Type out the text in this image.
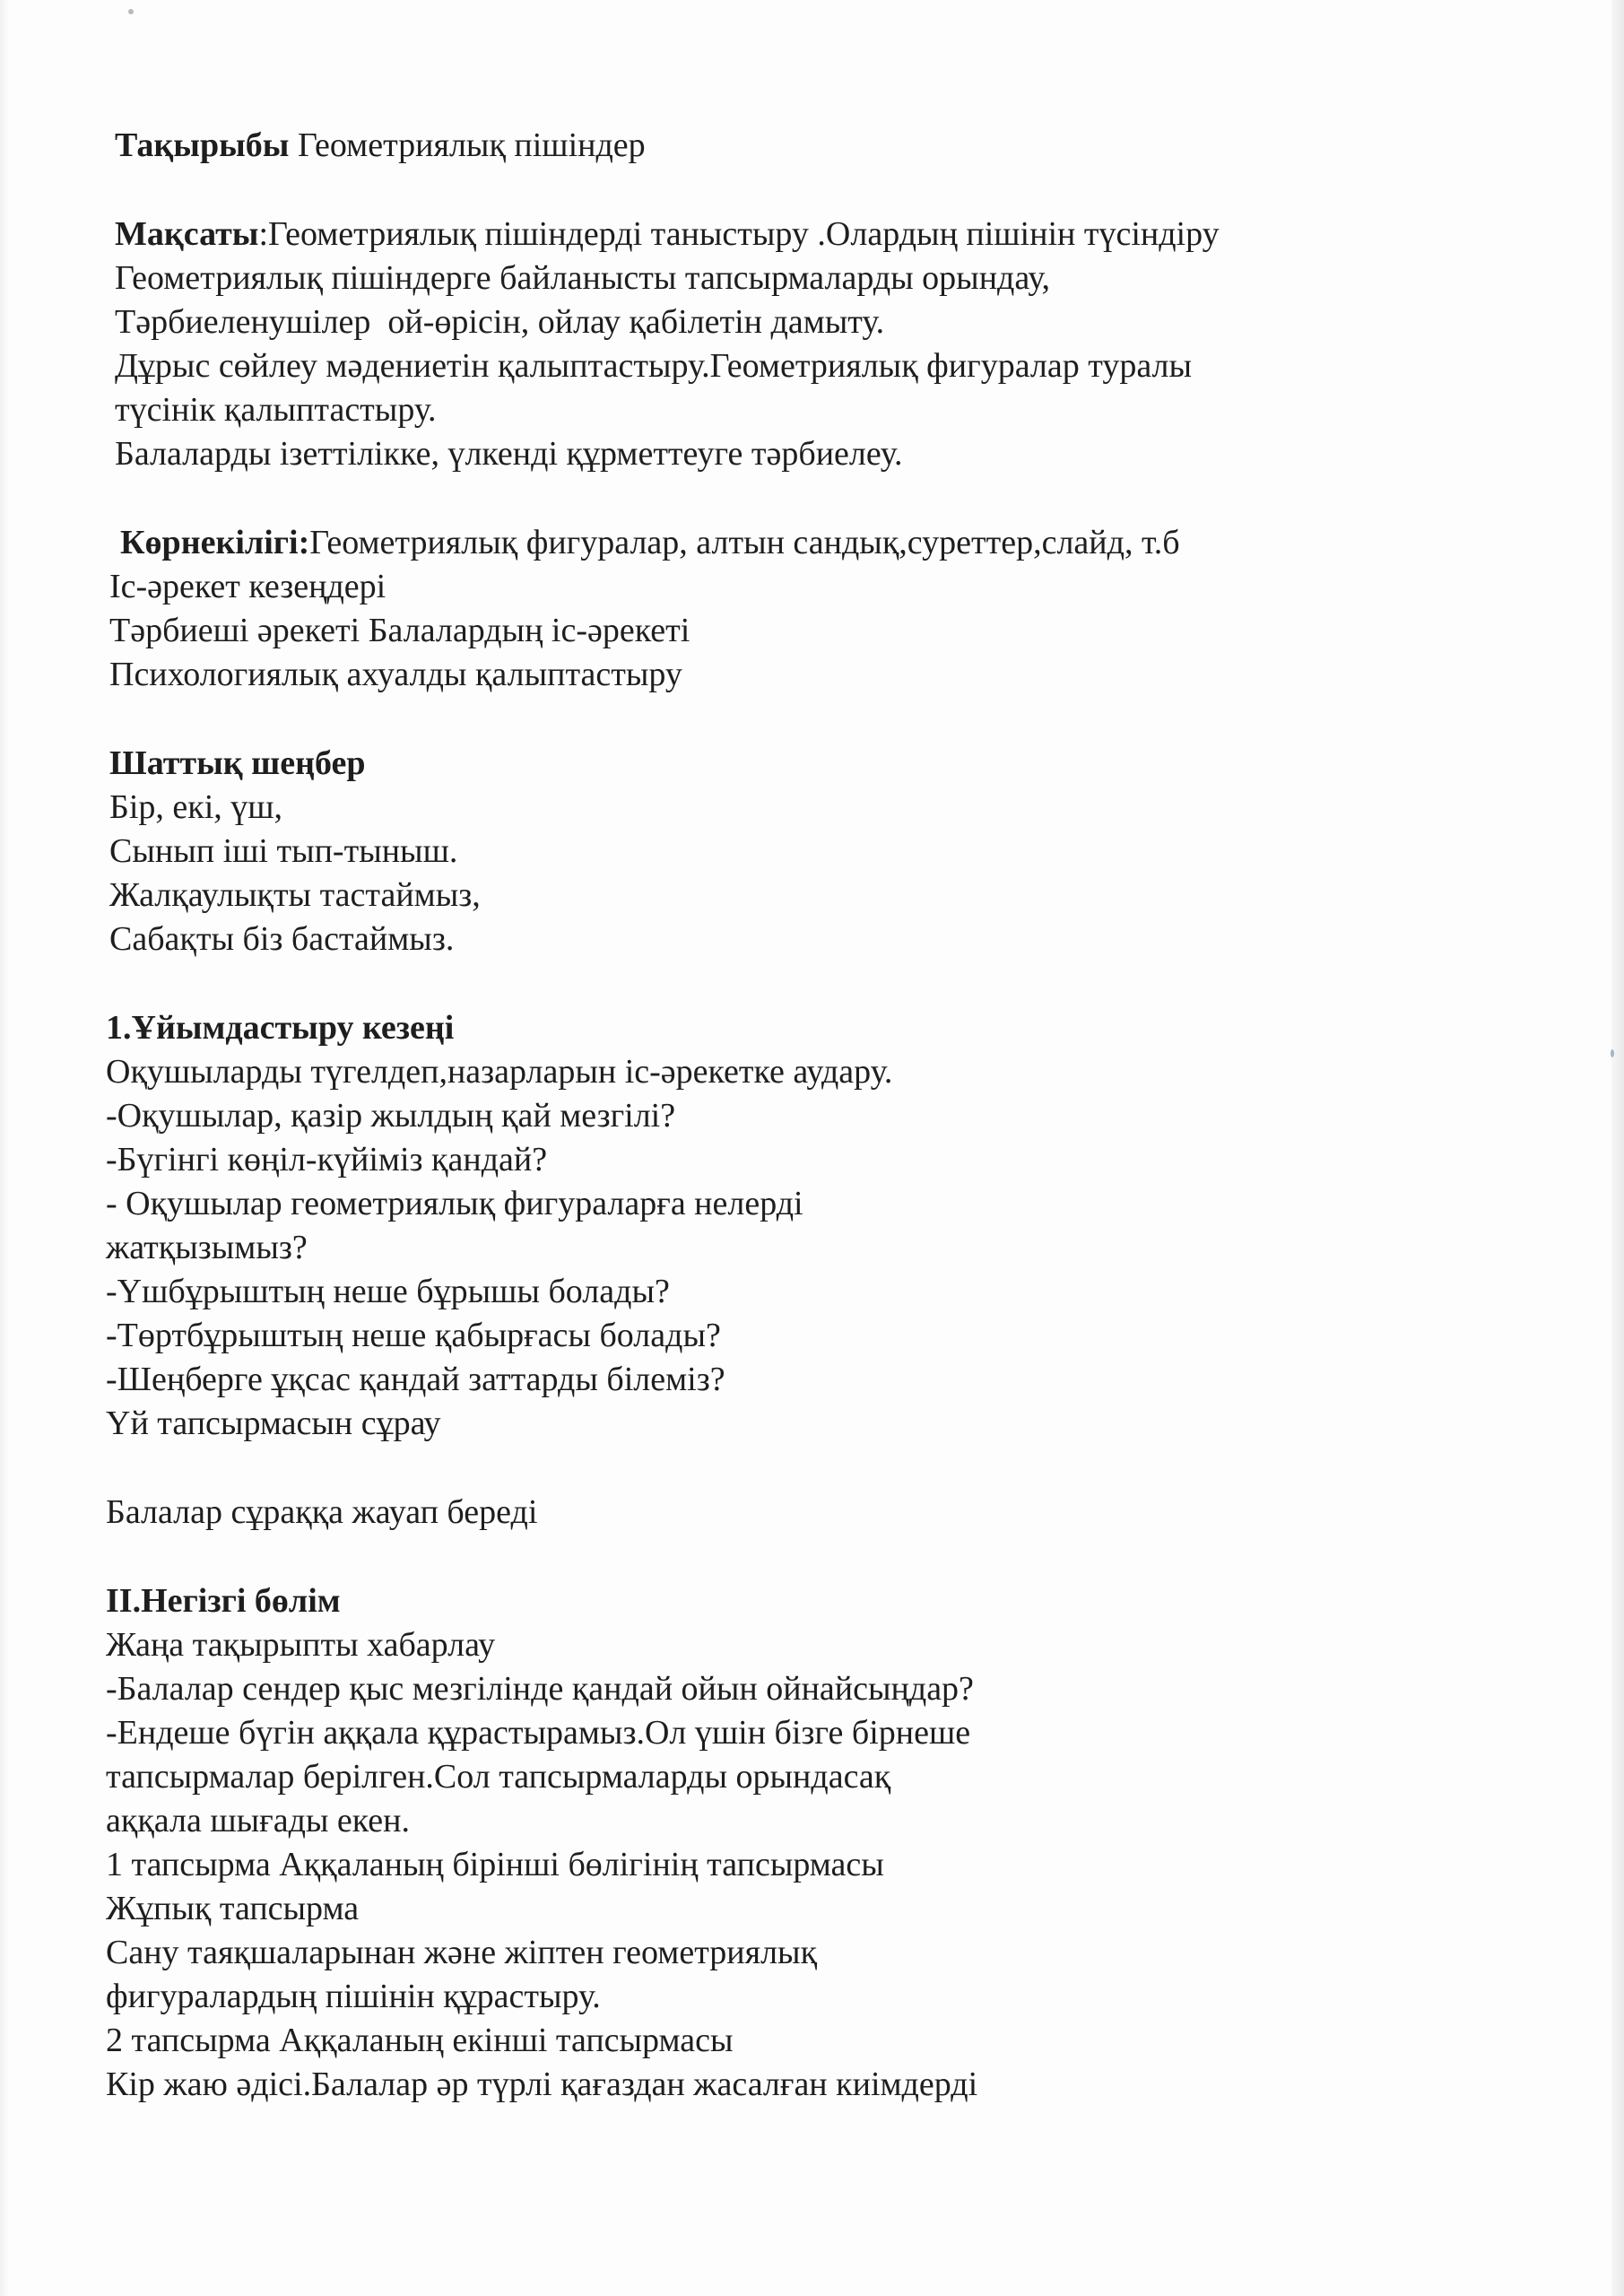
Тақырыбы Геометриялық пішіндер
Мақсаты:Геометриялық пішіндерді таныстыру .Олардың пішінін түсіндіру
Геометриялық пішіндерге байланысты тапсырмаларды орындау,
Тәрбиеленушілер  ой-өрісін, ойлау қабілетін дамыту.
Дұрыс сөйлеу мәдениетін қалыптастыру.Геометриялық фигуралар туралы
түсінік қалыптастыру.
Балаларды ізеттілікке, үлкенді құрметтеуге тәрбиелеу.
Көрнекілігі:Геометриялық фигуралар, алтын сандық,суреттер,слайд, т.б
Іс-әрекет кезеңдері
Тәрбиеші әрекеті Балалардың іс-әрекеті
Психологиялық ахуалды қалыптастыру
Шаттық шеңбер
Бір, екі, үш,
Сынып іші тып-тыныш.
Жалқаулықты тастаймыз,
Сабақты біз бастаймыз.
1.Ұйымдастыру кезеңі
Оқушыларды түгелдеп,назарларын іс-әрекетке аудару.
-Оқушылар, қазір жылдың қай мезгілі?
-Бүгінгі көңіл-күйіміз қандай?
- Оқушылар геометриялық фигураларға нелерді
жатқызымыз?
-Үшбұрыштың неше бұрышы болады?
-Төртбұрыштың неше қабырғасы болады?
-Шеңберге ұқсас қандай заттарды білеміз?
Үй тапсырмасын сұрау
Балалар сұраққа жауап береді
ІІ.Негізгі бөлім
Жаңа тақырыпты хабарлау
-Балалар сендер қыс мезгілінде қандай ойын ойнайсыңдар?
-Ендеше бүгін аққала құрастырамыз.Ол үшін бізге бірнеше
тапсырмалар берілген.Сол тапсырмаларды орындасақ
аққала шығады екен.
1 тапсырма Аққаланың бірінші бөлігінің тапсырмасы
Жұпық тапсырма
Сану таяқшаларынан және жіптен геометриялық
фигуралардың пішінін құрастыру.
2 тапсырма Аққаланың екінші тапсырмасы
Кір жаю әдісі.Балалар әр түрлі қағаздан жасалған киімдерді
